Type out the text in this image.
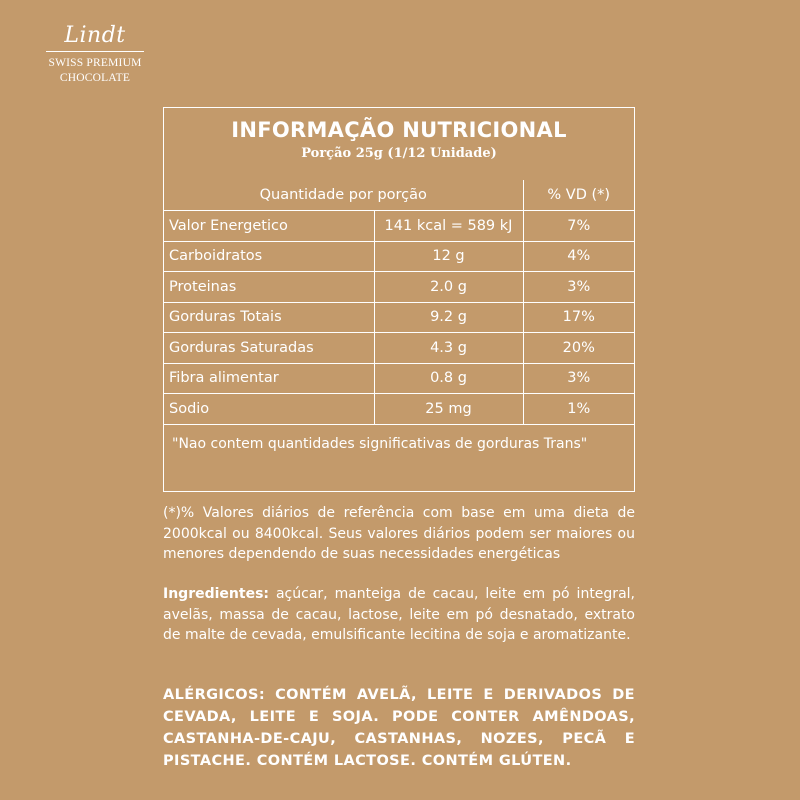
Lindt
SWISS PREMIUM
CHOCOLATE
INFORMAÇÃO NUTRICIONAL
Porção 25g (1/12 Unidade)
Quantidade por porção		% VD (*)
Valor Energetico	141 kcal = 589 kJ	7%
Carboidratos	12 g	4%
Proteinas	2.0 g	3%
Gorduras Totais	9.2 g	17%
Gorduras Saturadas	4.3 g	20%
Fibra alimentar	0.8 g	3%
Sodio	25 mg	1%
"Nao contem quantidades significativas de gorduras Trans"		
(*)% Valores diários de referência com base em uma dieta de 2000kcal ou 8400kcal. Seus valores diários podem ser maiores ou menores dependendo de suas necessidades energéticas
Ingredientes: açúcar, manteiga de cacau, leite em pó integral, avelãs, massa de cacau, lactose, leite em pó desnatado, extrato de malte de cevada, emulsificante lecitina de soja e aromatizante.
ALÉRGICOS: CONTÉM AVELÃ, LEITE E DERIVADOS DE CEVADA, LEITE E SOJA. PODE CONTER AMÊNDOAS, CASTANHA-DE-CAJU, CASTANHAS, NOZES, PECÃ E PISTACHE. CONTÉM LACTOSE. CONTÉM GLÚTEN.
